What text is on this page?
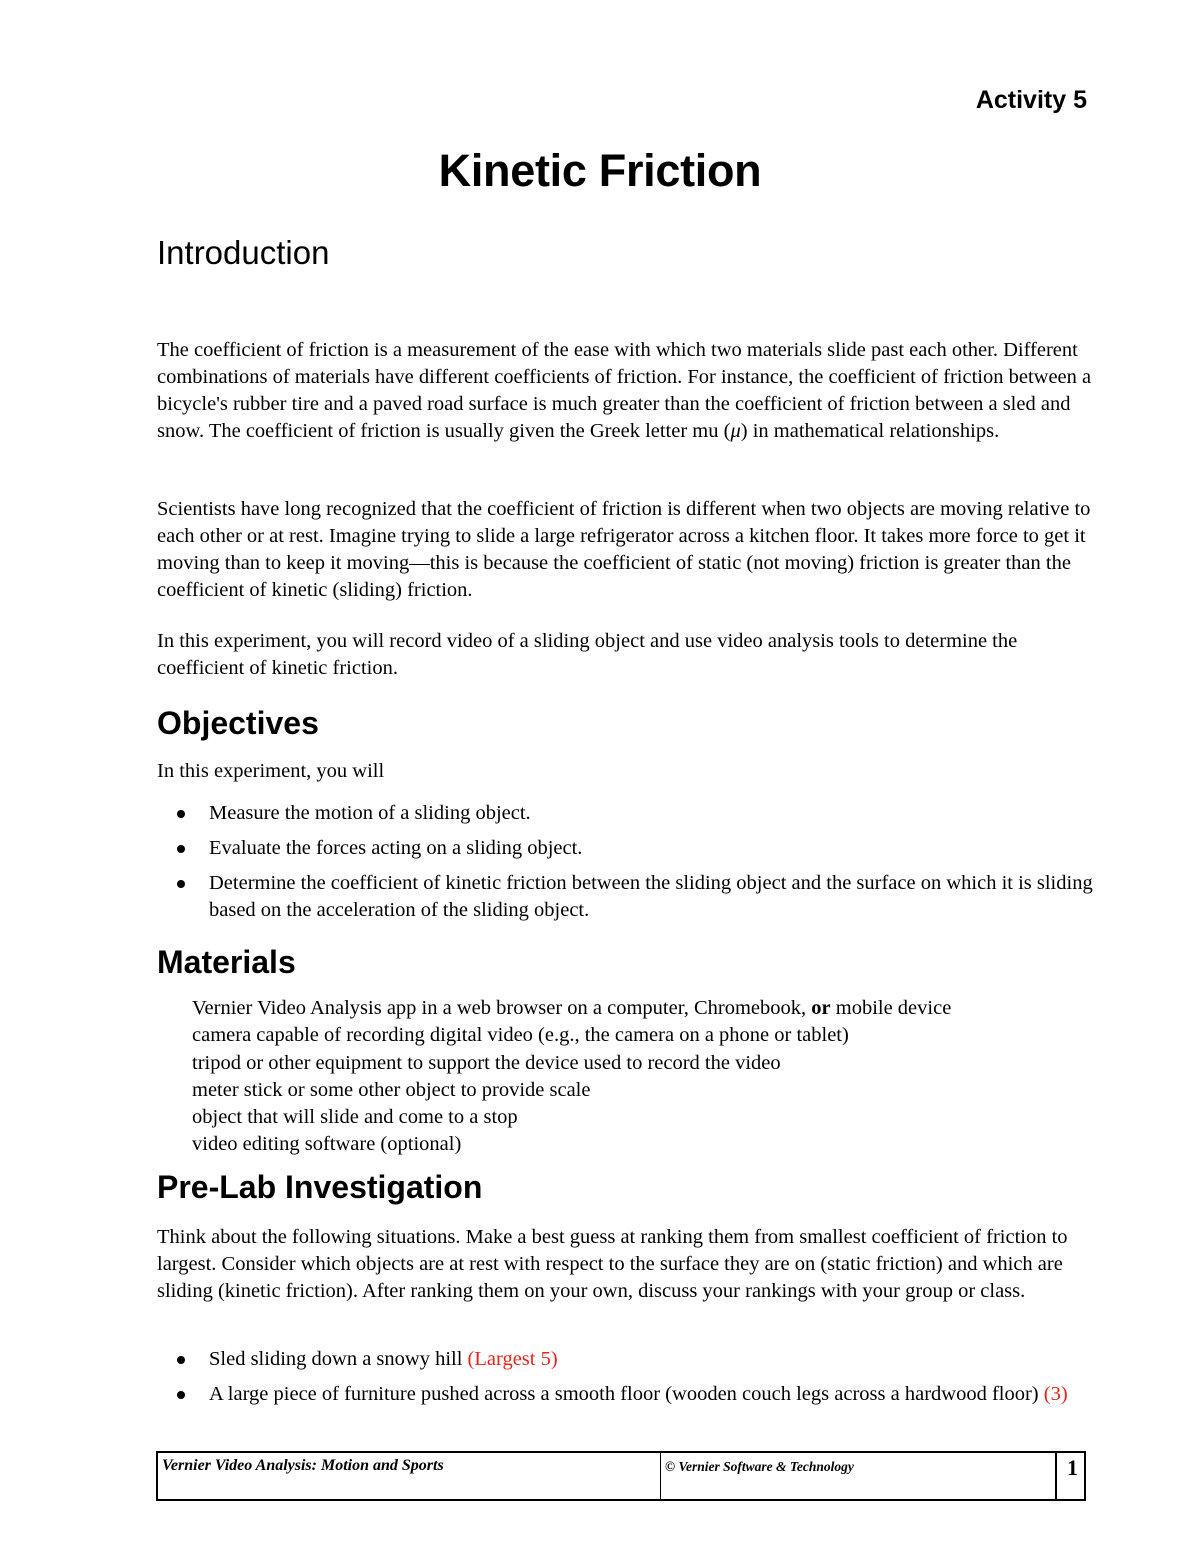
Activity 5
Kinetic Friction
Introduction

The coefficient of friction is a measurement of the ease with which two materials slide past each other. Different combinations of materials have different coefficients of friction. For instance, the coefficient of friction between a bicycle's rubber tire and a paved road surface is much greater than the coefficient of friction between a sled and snow. The coefficient of friction is usually given the Greek letter mu (μ) in mathematical relationships.

Scientists have long recognized that the coefficient of friction is different when two objects are moving relative to each other or at rest. Imagine trying to slide a large refrigerator across a kitchen floor. It takes more force to get it moving than to keep it moving—this is because the coefficient of static (not moving) friction is greater than the coefficient of kinetic (sliding) friction.

In this experiment, you will record video of a sliding object and use video analysis tools to determine the coefficient of kinetic friction.

Objectives

In this experiment, you will

Measure the motion of a sliding object.
Evaluate the forces acting on a sliding object.
Determine the coefficient of kinetic friction between the sliding object and the surface on which it is sliding based on the acceleration of the sliding object.
Materials
Vernier Video Analysis app in a web browser on a computer, Chromebook, or mobile device
camera capable of recording digital video (e.g., the camera on a phone or tablet)
tripod or other equipment to support the device used to record the video
meter stick or some other object to provide scale
object that will slide and come to a stop
video editing software (optional)
Pre-Lab Investigation

Think about the following situations. Make a best guess at ranking them from smallest coefficient of friction to largest. Consider which objects are at rest with respect to the surface they are on (static friction) and which are sliding (kinetic friction). After ranking them on your own, discuss your rankings with your group or class.

Sled sliding down a snowy hill (Largest 5)
A large piece of furniture pushed across a smooth floor (wooden couch legs across a hardwood floor) (3)
Vernier Video Analysis: Motion and Sports	© Vernier Software & Technology	1
